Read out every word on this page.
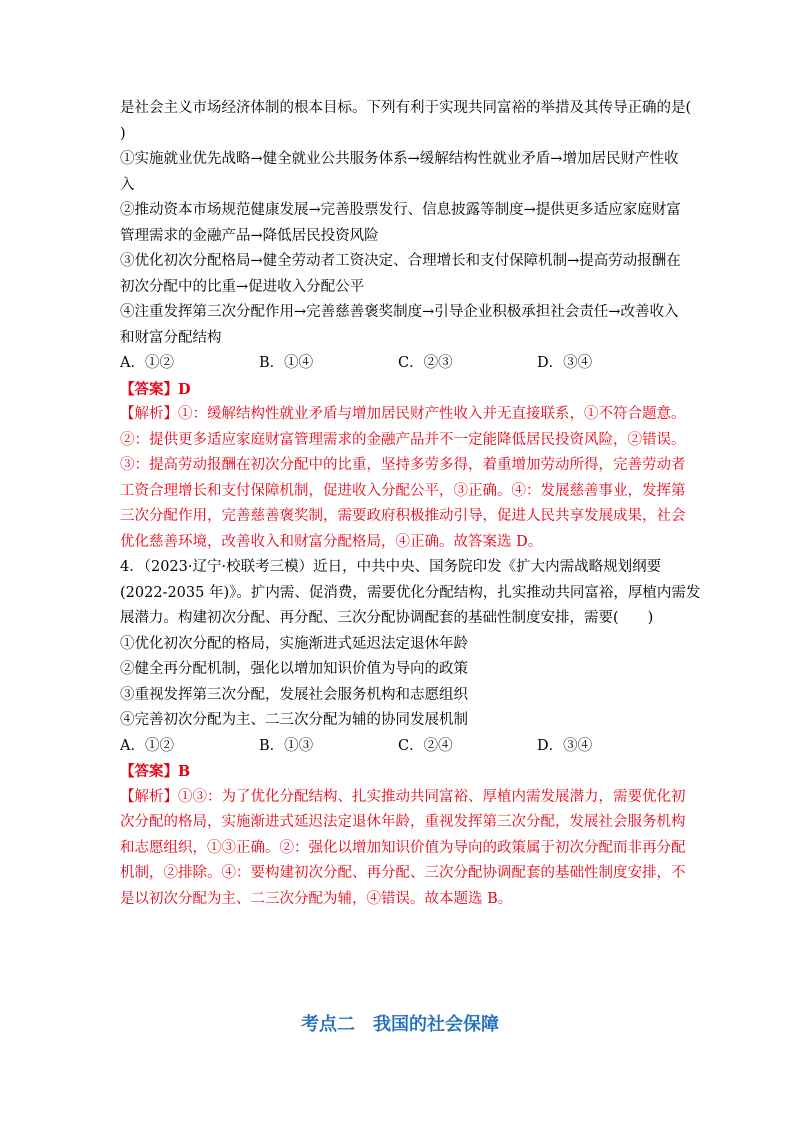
是社会主义市场经济体制的根本目标。下列有利于实现共同富裕的举措及其传导正确的是(
)
①实施就业优先战略→健全就业公共服务体系→缓解结构性就业矛盾→增加居民财产性收
入
②推动资本市场规范健康发展→完善股票发行、信息披露等制度→提供更多适应家庭财富
管理需求的金融产品→降低居民投资风险
③优化初次分配格局→健全劳动者工资决定、合理增长和支付保障机制→提高劳动报酬在
初次分配中的比重→促进收入分配公平
④注重发挥第三次分配作用→完善慈善褒奖制度→引导企业积极承担社会责任→改善收入
和财富分配结构
A．①②	B．①④	C．②③	D．③④
【答案】D
【解析】①：缓解结构性就业矛盾与增加居民财产性收入并无直接联系，①不符合题意。
②：提供更多适应家庭财富管理需求的金融产品并不一定能降低居民投资风险，②错误。
③：提高劳动报酬在初次分配中的比重，坚持多劳多得，着重增加劳动所得，完善劳动者
工资合理增长和支付保障机制，促进收入分配公平，③正确。④：发展慈善事业，发挥第
三次分配作用，完善慈善褒奖制，需要政府积极推动引导，促进人民共享发展成果，社会
优化慈善环境，改善收入和财富分配格局，④正确。故答案选 D。
4．（2023·辽宁·校联考三模）近日，中共中央、国务院印发《扩大内需战略规划纲要
(2022-2035 年)》。扩内需、促消费，需要优化分配结构，扎实推动共同富裕，厚植内需发
展潜力。构建初次分配、再分配、三次分配协调配套的基础性制度安排，需要(　　)
①优化初次分配的格局，实施渐进式延迟法定退休年龄
②健全再分配机制，强化以增加知识价值为导向的政策
③重视发挥第三次分配，发展社会服务机构和志愿组织
④完善初次分配为主、二三次分配为辅的协同发展机制
A．①②	B．①③	C．②④	D．③④
【答案】B
【解析】①③：为了优化分配结构、扎实推动共同富裕、厚植内需发展潜力，需要优化初
次分配的格局，实施渐进式延迟法定退休年龄，重视发挥第三次分配，发展社会服务机构
和志愿组织，①③正确。②：强化以增加知识价值为导向的政策属于初次分配而非再分配
机制，②排除。④：要构建初次分配、再分配、三次分配协调配套的基础性制度安排，不
是以初次分配为主、二三次分配为辅，④错误。故本题选 B。
考点二　我国的社会保障
